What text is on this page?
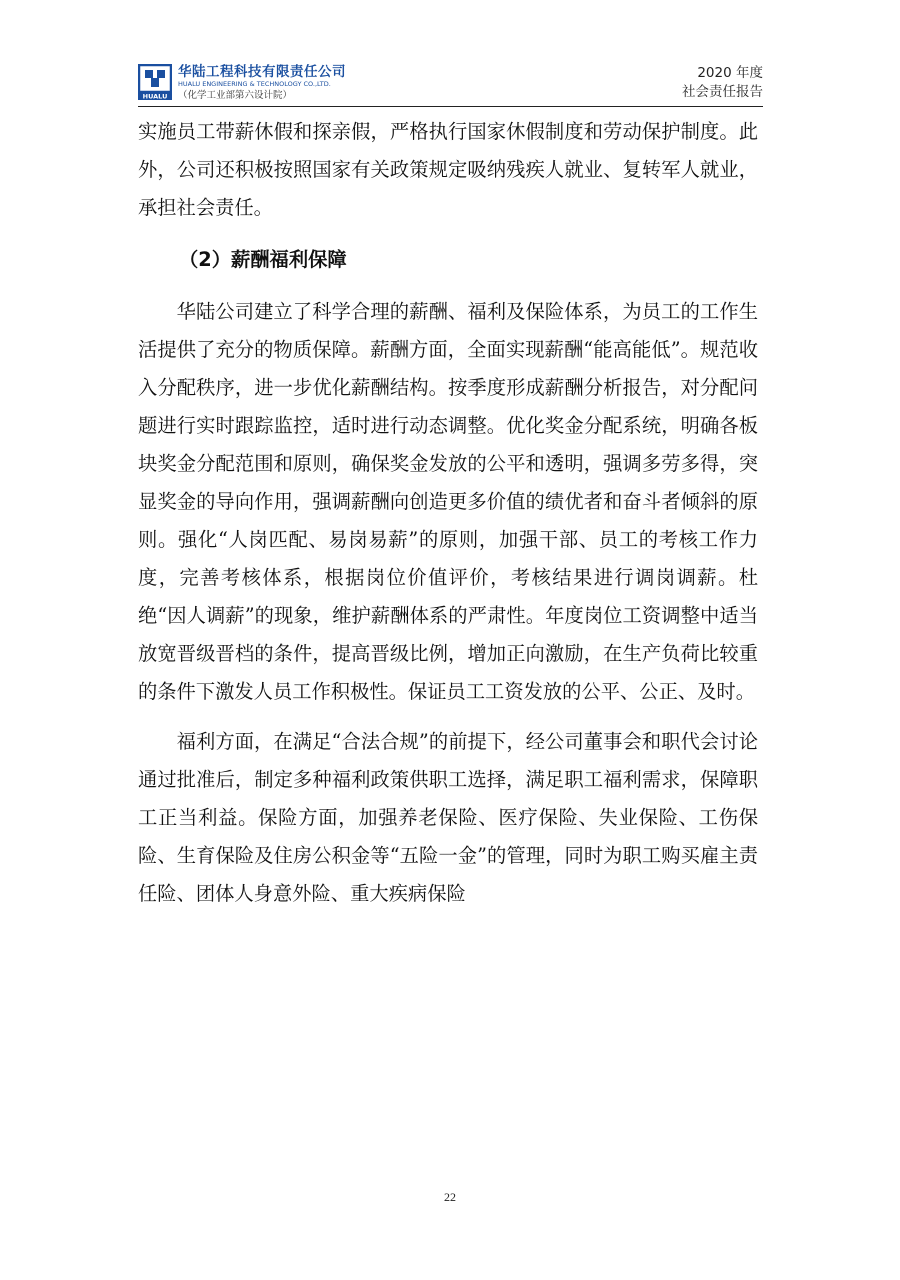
HUALU
华陆工程科技有限责任公司
HUALU ENGINEERING & TECHNOLOGY CO.,LTD.
（化学工业部第六设计院）
2020 年度
社会责任报告

实施员工带薪休假和探亲假，严格执行国家休假制度和劳动保护制度。此外，公司还积极按照国家有关政策规定吸纳残疾人就业、复转军人就业，承担社会责任。

（2）薪酬福利保障

华陆公司建立了科学合理的薪酬、福利及保险体系，为员工的工作生活提供了充分的物质保障。薪酬方面，全面实现薪酬“能高能低”。规范收入分配秩序，进一步优化薪酬结构。按季度形成薪酬分析报告，对分配问题进行实时跟踪监控，适时进行动态调整。优化奖金分配系统，明确各板块奖金分配范围和原则，确保奖金发放的公平和透明，强调多劳多得，突显奖金的导向作用，强调薪酬向创造更多价值的绩优者和奋斗者倾斜的原则。强化“人岗匹配、易岗易薪”的原则，加强干部、员工的考核工作力度，完善考核体系，根据岗位价值评价，考核结果进行调岗调薪。杜绝“因人调薪”的现象，维护薪酬体系的严肃性。年度岗位工资调整中适当放宽晋级晋档的条件，提高晋级比例，增加正向激励，在生产负荷比较重的条件下激发人员工作积极性。保证员工工资发放的公平、公正、及时。

福利方面，在满足“合法合规”的前提下，经公司董事会和职代会讨论通过批准后，制定多种福利政策供职工选择，满足职工福利需求，保障职工正当利益。保险方面，加强养老保险、医疗保险、失业保险、工伤保险、生育保险及住房公积金等“五险一金”的管理，同时为职工购买雇主责任险、团体人身意外险、重大疾病保险

22
